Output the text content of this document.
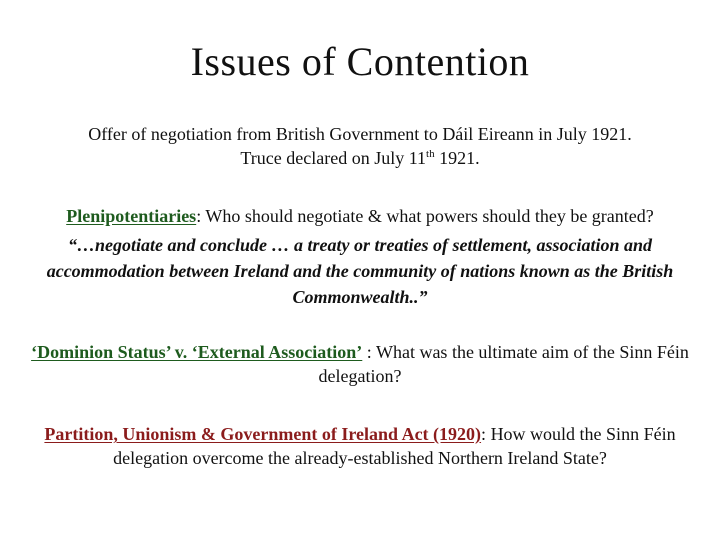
Issues of Contention
Offer of negotiation from British Government to Dáil Eireann in July 1921.
Truce declared on July 11th 1921.
Plenipotentiaries: Who should negotiate & what powers should they be granted?
“…negotiate and conclude … a treaty or treaties of settlement, association and accommodation between Ireland and the community of nations known as the British Commonwealth..”
‘Dominion Status’ v. ‘External Association’ : What was the ultimate aim of the Sinn Féin delegation?
Partition, Unionism & Government of Ireland Act (1920): How would the Sinn Féin delegation overcome the already-established Northern Ireland State?
